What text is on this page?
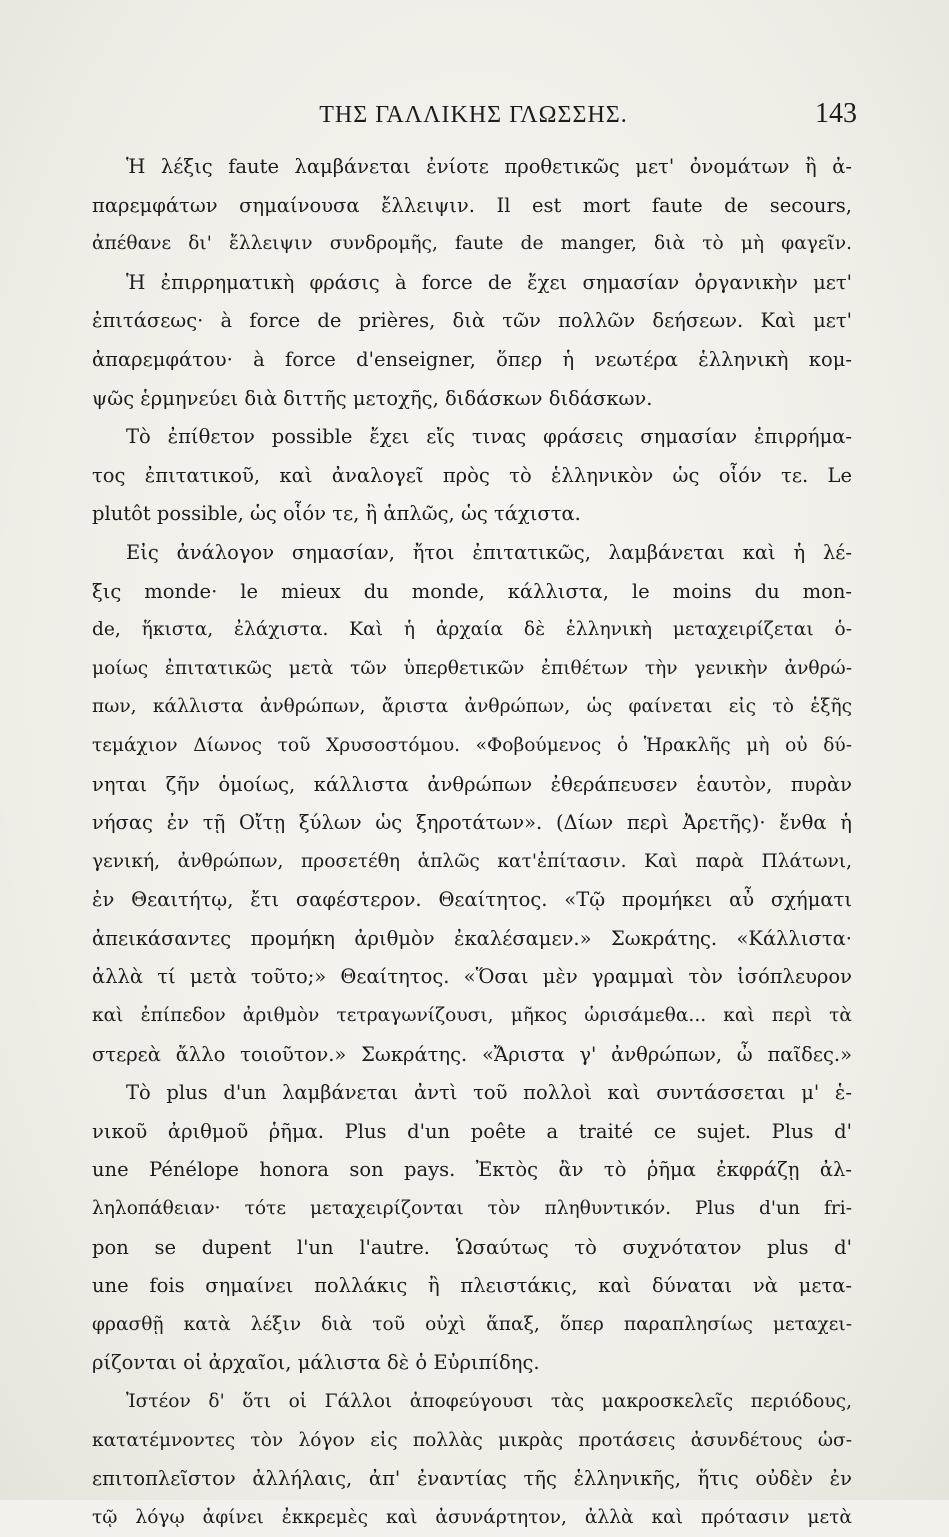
ΤΗΣ ΓΑΛΛΙΚΗΣ ΓΛΩΣΣΗΣ.	143
Ἡ λέξις faute λαμβάνεται ἐνίοτε προθετικῶς μετ' ὀνομάτων ἢ ἀ-
παρεμφάτων σημαίνουσα ἔλλειψιν. Il est mort faute de secours,
ἀπέθανε δι' ἔλλειψιν συνδρομῆς, faute de manger, διὰ τὸ μὴ φαγεῖν.
Ἡ ἐπιρρηματικὴ φράσις à force de ἔχει σημασίαν ὀργανικὴν μετ'
ἐπιτάσεως· à force de prières, διὰ τῶν πολλῶν δεήσεων. Καὶ μετ'
ἀπαρεμφάτου· à force d'enseigner, ὅπερ ἡ νεωτέρα ἑλληνικὴ κομ-
ψῶς ἑρμηνεύει διὰ διττῆς μετοχῆς, διδάσκων διδάσκων.
Τὸ ἐπίθετον possible ἔχει εἴς τινας φράσεις σημασίαν ἐπιρρήμα-
τος ἐπιτατικοῦ, καὶ ἀναλογεῖ πρὸς τὸ ἑλληνικὸν ὡς οἷόν τε. Le
plutôt possible, ὡς οἷόν τε, ἢ ἁπλῶς, ὡς τάχιστα.
Εἰς ἀνάλογον σημασίαν, ἤτοι ἐπιτατικῶς, λαμβάνεται καὶ ἡ λέ-
ξις monde· le mieux du monde, κάλλιστα, le moins du mon-
de, ἥκιστα, ἐλάχιστα. Καὶ ἡ ἀρχαία δὲ ἑλληνικὴ μεταχειρίζεται ὁ-
μοίως ἐπιτατικῶς μετὰ τῶν ὑπερθετικῶν ἐπιθέτων τὴν γενικὴν ἀνθρώ-
πων, κάλλιστα ἀνθρώπων, ἄριστα ἀνθρώπων, ὡς φαίνεται εἰς τὸ ἑξῆς
τεμάχιον Δίωνος τοῦ Χρυσοστόμου. «Φοβούμενος ὁ Ἡρακλῆς μὴ οὐ δύ-
νηται ζῆν ὁμοίως, κάλλιστα ἀνθρώπων ἐθεράπευσεν ἑαυτὸν, πυρὰν
νήσας ἐν τῇ Οἴτῃ ξύλων ὡς ξηροτάτων». (Δίων περὶ Ἀρετῆς)· ἔνθα ἡ
γενική, ἀνθρώπων, προσετέθη ἁπλῶς κατ'ἐπίτασιν. Καὶ παρὰ Πλάτωνι,
ἐν Θεαιτήτῳ, ἔτι σαφέστερον. Θεαίτητος. «Τῷ προμήκει αὖ σχήματι
ἀπεικάσαντες προμήκη ἀριθμὸν ἐκαλέσαμεν.» Σωκράτης. «Κάλλιστα·
ἀλλὰ τί μετὰ τοῦτο;» Θεαίτητος. «Ὅσαι μὲν γραμμαὶ τὸν ἰσόπλευρον
καὶ ἐπίπεδον ἀριθμὸν τετραγωνίζουσι, μῆκος ὡρισάμεθα... καὶ περὶ τὰ
στερεὰ ἄλλο τοιοῦτον.» Σωκράτης. «Ἄριστα γ' ἀνθρώπων, ὦ παῖδες.»
Τὸ plus d'un λαμβάνεται ἀντὶ τοῦ πολλοὶ καὶ συντάσσεται μ' ἑ-
νικοῦ ἀριθμοῦ ῥῆμα. Plus d'un poête a traité ce sujet. Plus d'
une Pénélope honora son pays. Ἐκτὸς ἂν τὸ ῥῆμα ἐκφράζῃ ἀλ-
ληλοπάθειαν· τότε μεταχειρίζονται τὸν πληθυντικόν. Plus d'un fri-
pon se dupent l'un l'autre. Ὡσαύτως τὸ συχνότατον plus d'
une fois σημαίνει πολλάκις ἢ πλειστάκις, καὶ δύναται νὰ μετα-
φρασθῇ κατὰ λέξιν διὰ τοῦ οὐχὶ ἅπαξ, ὅπερ παραπλησίως μεταχει-
ρίζονται οἱ ἀρχαῖοι, μάλιστα δὲ ὁ Εὐριπίδης.
Ἰστέον δ' ὅτι οἱ Γάλλοι ἀποφεύγουσι τὰς μακροσκελεῖς περιόδους,
κατατέμνοντες τὸν λόγον εἰς πολλὰς μικρὰς προτάσεις ἀσυνδέτους ὡσ-
επιτοπλεῖστον ἀλλήλαις, ἀπ' ἐναντίας τῆς ἑλληνικῆς, ἥτις οὐδὲν ἐν
τῷ λόγῳ ἀφίνει ἐκκρεμὲς καὶ ἀσυνάρτητον, ἀλλὰ καὶ πρότασιν μετὰ
